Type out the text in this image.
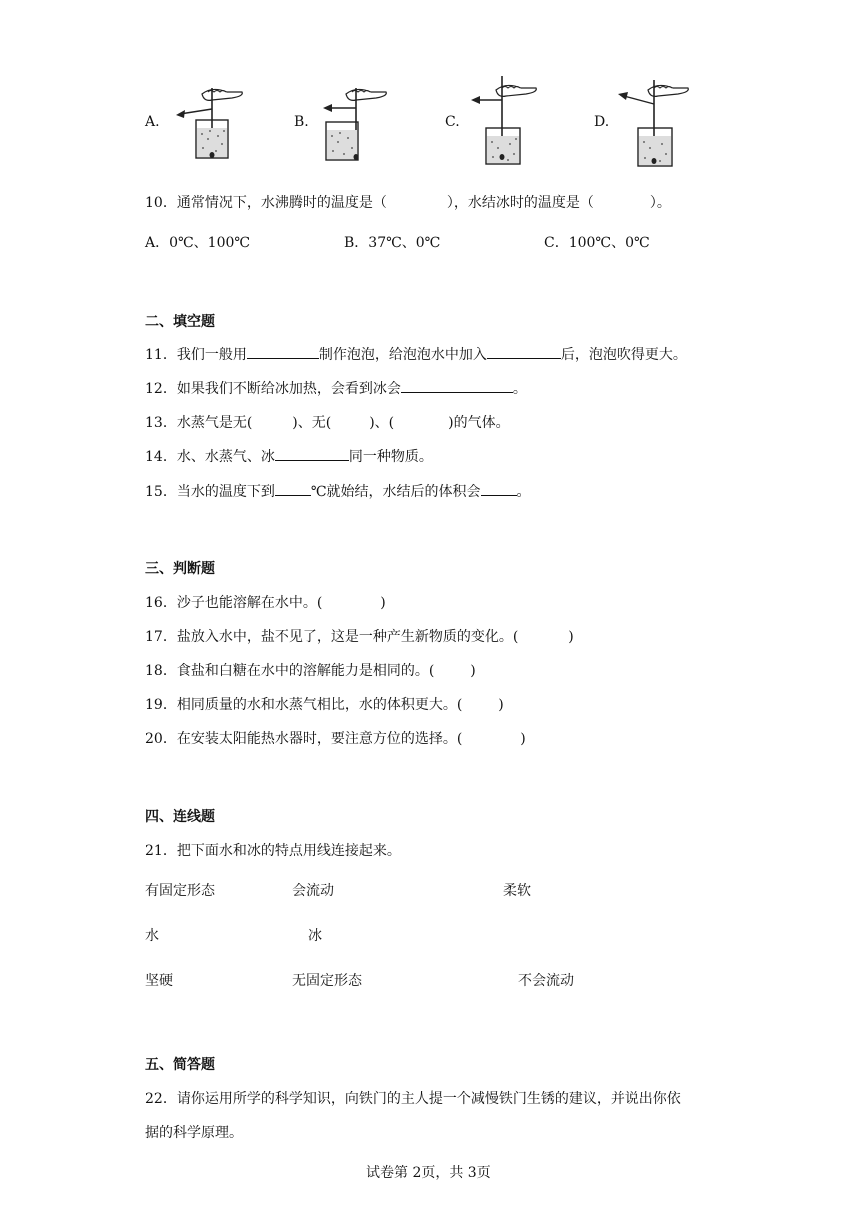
A.	B.	C.	D.
10．通常情况下，水沸腾时的温度是（	），水结冰时的温度是（	）。
A．0℃、100℃	B．37℃、0℃	C．100℃、0℃
二、填空题
11．我们一般用	制作泡泡，给泡泡水中加入	后，泡泡吹得更大。
12．如果我们不断给冰加热，会看到冰会	。
13．水蒸气是无(	)、无(	)、(	)的气体。
14．水、水蒸气、冰	同一种物质。
15．当水的温度下到	℃就始结，水结后的体积会	。
三、判断题
16．沙子也能溶解在水中。(	)
17．盐放入水中，盐不见了，这是一种产生新物质的变化。(	)
18．食盐和白糖在水中的溶解能力是相同的。(	)
19．相同质量的水和水蒸气相比，水的体积更大。(	)
20．在安装太阳能热水器时，要注意方位的选择。(	)
四、连线题
21．把下面水和冰的特点用线连接起来。
有固定形态	会流动	柔软
水	冰
坚硬	无固定形态	不会流动
五、简答题
22．请你运用所学的科学知识，向铁门的主人提一个减慢铁门生锈的建议，并说出你依
据的科学原理。
试卷第 2页，共 3页
